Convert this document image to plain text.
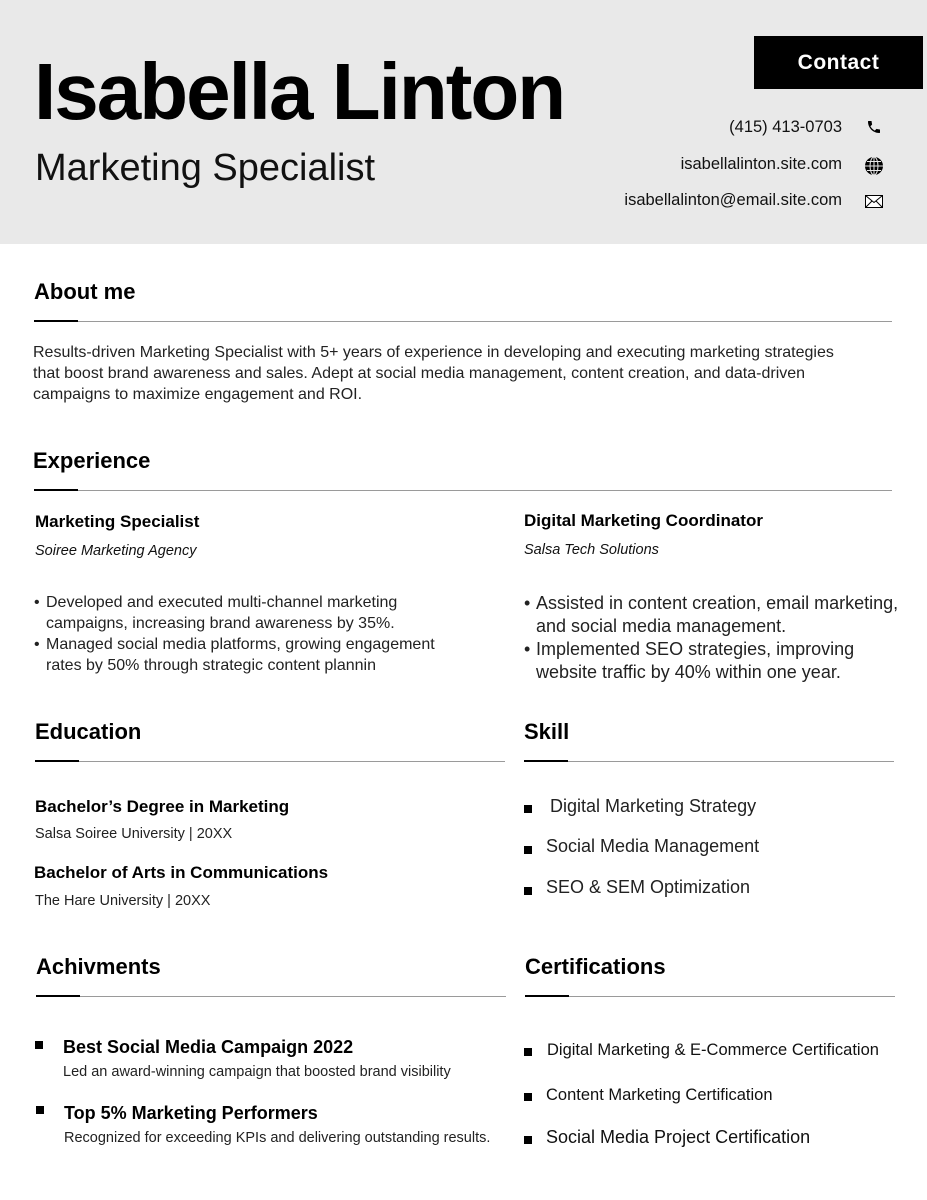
Isabella Linton
Marketing Specialist
Contact
(415) 413-0703
isabellalinton.site.com
isabellalinton@email.site.com
About me
Results-driven Marketing Specialist with 5+ years of experience in developing and executing marketing strategies that boost brand awareness and sales. Adept at social media management, content creation, and data-driven campaigns to maximize engagement and ROI.
Experience
Marketing Specialist
Soiree Marketing Agency
• Developed and executed multi-channel marketing campaigns, increasing brand awareness by 35%.
• Managed social media platforms, growing engagement rates by 50% through strategic content plannin
Digital Marketing Coordinator
Salsa Tech Solutions
• Assisted in content creation, email marketing, and social media management.
• Implemented SEO strategies, improving website traffic by 40% within one year.
Education
Bachelor’s Degree in Marketing
Salsa Soiree University | 20XX
Bachelor of Arts in Communications
The Hare University | 20XX
Skill
Digital Marketing Strategy
Social Media Management
SEO & SEM Optimization
Achivments
Best Social Media Campaign 2022
Led an award-winning campaign that boosted brand visibility
Top 5% Marketing Performers
Recognized for exceeding KPIs and delivering outstanding results.
Certifications
Digital Marketing & E-Commerce Certification
Content Marketing Certification
Social Media Project Certification
